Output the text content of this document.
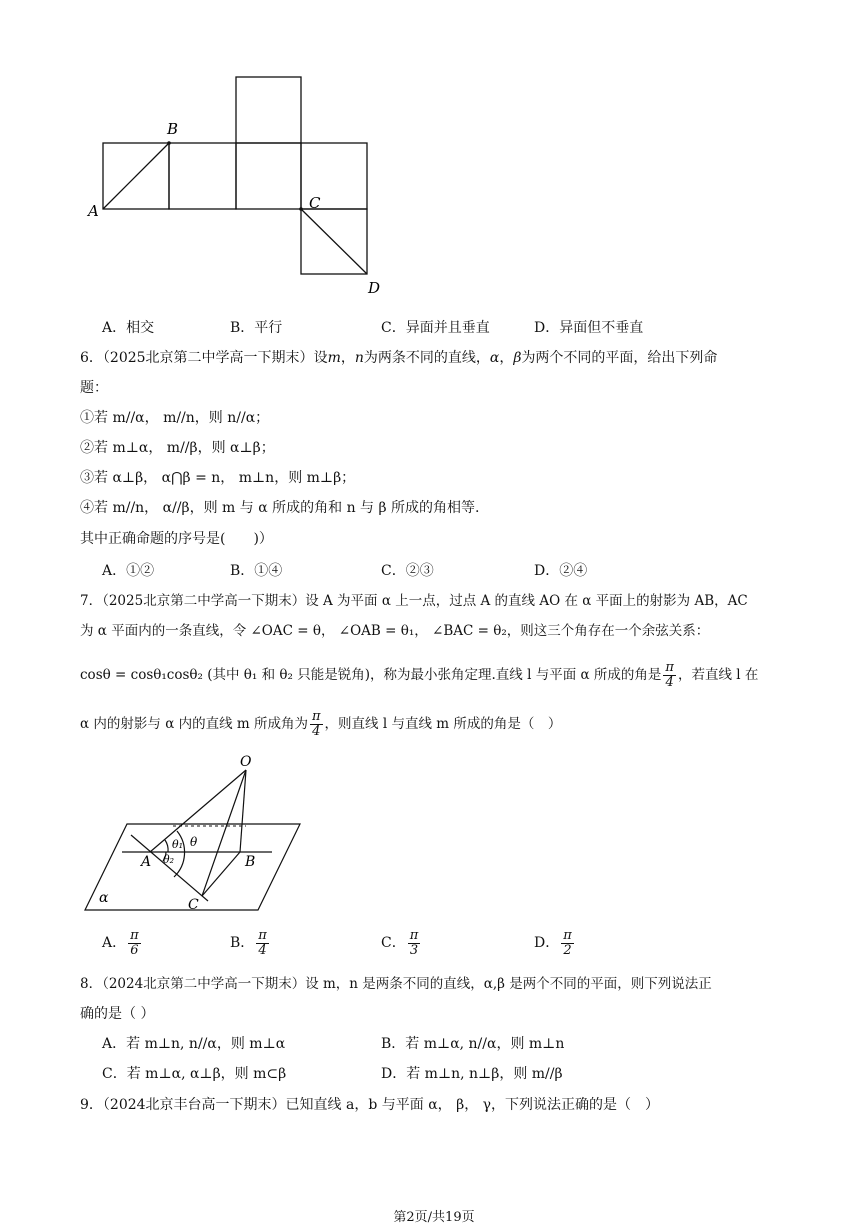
A
B
C
D
A．相交	B．平行	C．异面并且垂直	D．异面但不垂直
6．（2025北京第二中学高一下期末）设m，n为两条不同的直线，α，β为两个不同的平面，给出下列命
题：
①若 m//α， m//n，则 n//α；
②若 m⊥α， m//β，则 α⊥β；
③若 α⊥β， α⋂β = n， m⊥n，则 m⊥β；
④若 m//n， α//β，则 m 与 α 所成的角和 n 与 β 所成的角相等.
其中正确命题的序号是(　　)）
A．①②	B．①④	C．②③	D．②④
7．（2025北京第二中学高一下期末）设 A 为平面 α 上一点，过点 A 的直线 AO 在 α 平面上的射影为 AB，AC
为 α 平面内的一条直线，令 ∠OAC = θ， ∠OAB = θ₁， ∠BAC = θ₂，则这三个角存在一个余弦关系：
cosθ = cosθ₁cosθ₂ (其中 θ₁ 和 θ₂ 只能是锐角)，称为最小张角定理.直线 l 与平面 α 所成的角是 $\frac{\pi}{4}$ ，若直线 l 在
α 内的射影与 α 内的直线 m 所成角为 $\frac{\pi}{4}$ ，则直线 l 与直线 m 所成的角是（　）
O
A	B
C
α
θ
θ₁
θ₂
A． $\frac{\pi}{6}$	B． $\frac{\pi}{4}$	C． $\frac{\pi}{3}$	D． $\frac{\pi}{2}$
8．（2024北京第二中学高一下期末）设 m，n 是两条不同的直线，α,β 是两个不同的平面，则下列说法正
确的是（ ）
A．若 m⊥n, n//α，则 m⊥α	B．若 m⊥α, n//α，则 m⊥n
C．若 m⊥α, α⊥β，则 m⊂β	D．若 m⊥n, n⊥β，则 m//β
9．（2024北京丰台高一下期末）已知直线 a，b 与平面 α， β， γ，下列说法正确的是（　）
第2页/共19页
